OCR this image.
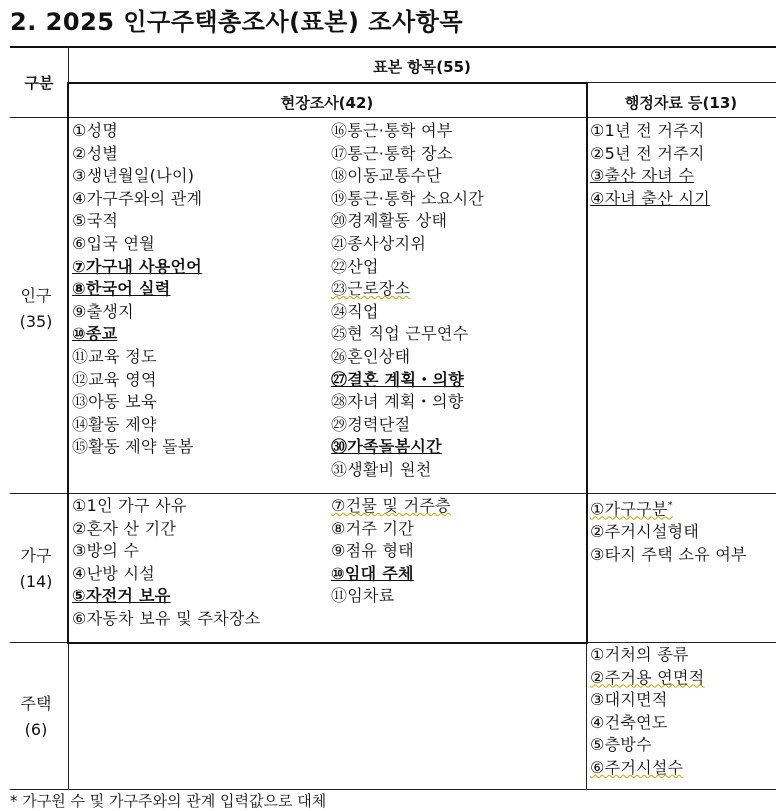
2. 2025 인구주택총조사(표본) 조사항목
구분
표본 항목(55)
현장조사(42)	행정자료 등(13)
인구
(35)
가구
(14)
주택
(6)
①성명
②성별
③생년월일(나이)
④가구주와의 관계
⑤국적
⑥입국 연월
⑦가구내 사용언어
⑧한국어 실력
⑨출생지
⑩종교
⑪교육 정도
⑫교육 영역
⑬아동 보육
⑭활동 제약
⑮활동 제약 돌봄
⑯통근·통학 여부
⑰통근·통학 장소
⑱이동교통수단
⑲통근·통학 소요시간
⑳경제활동 상태
㉑종사상지위
㉒산업
㉓근로장소
㉔직업
㉕현 직업 근무연수
㉖혼인상태
㉗결혼 계획・의향
㉘자녀 계획・의향
㉙경력단절
㉚가족돌봄시간
㉛생활비 원천
①1년 전 거주지
②5년 전 거주지
③출산 자녀 수
④자녀 출산 시기
①1인 가구 사유
②혼자 산 기간
③방의 수
④난방 시설
⑤자전거 보유
⑥자동차 보유 및 주차장소
⑦건물 및 거주층
⑧거주 기간
⑨점유 형태
⑩임대 주체
⑪임차료
①가구구분*
②주거시설형태
③타지 주택 소유 여부
①거처의 종류
②주거용 연면적
③대지면적
④건축연도
⑤층방수
⑥주거시설수
* 가구원 수 및 가구주와의 관계 입력값으로 대체
